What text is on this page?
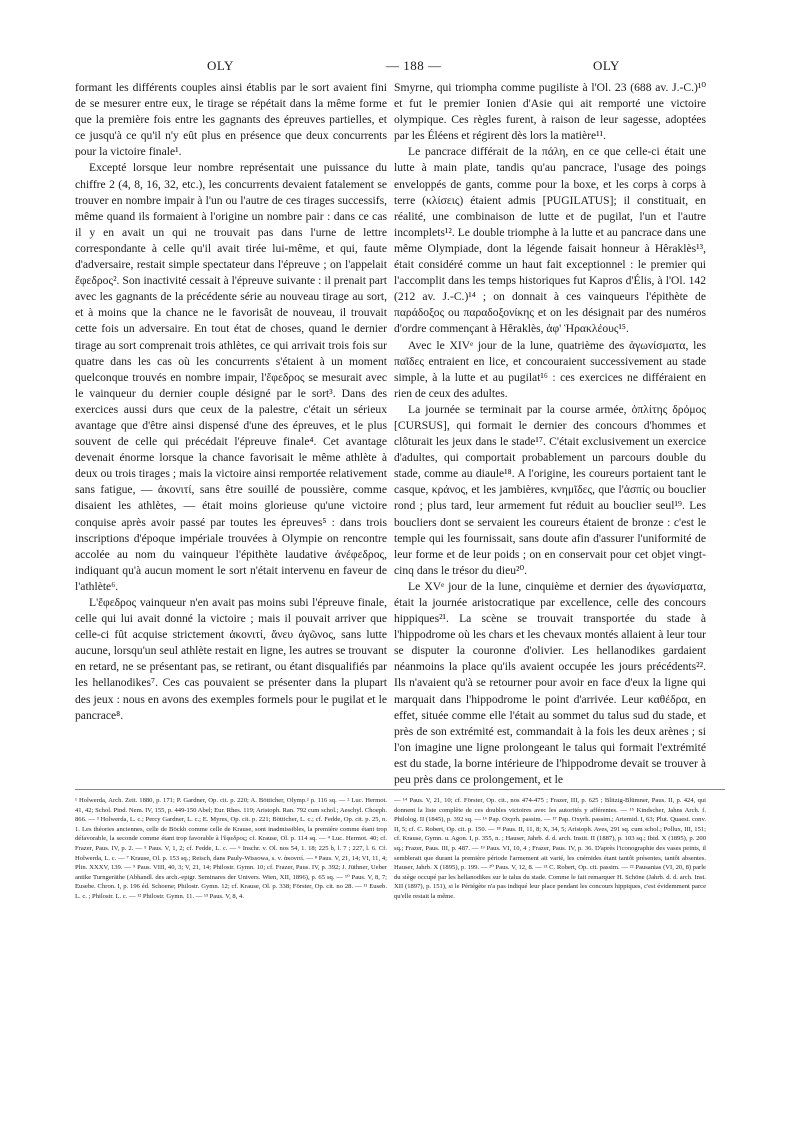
OLY	— 188 —	OLY

formant les différents couples ainsi établis par le sort avaient fini de se mesurer entre eux, le tirage se répétait dans la même forme que la première fois entre les gagnants des épreuves partielles, et ce jusqu'à ce qu'il n'y eût plus en présence que deux concurrents pour la victoire finale¹.

Excepté lorsque leur nombre représentait une puissance du chiffre 2 (4, 8, 16, 32, etc.), les concurrents devaient fatalement se trouver en nombre impair à l'un ou l'autre de ces tirages successifs, même quand ils formaient à l'origine un nombre pair : dans ce cas il y en avait un qui ne trouvait pas dans l'urne de lettre correspondante à celle qu'il avait tirée lui-même, et qui, faute d'adversaire, restait simple spectateur dans l'épreuve ; on l'appelait ἔφεδρος². Son inactivité cessait à l'épreuve suivante : il prenait part avec les gagnants de la précédente série au nouveau tirage au sort, et à moins que la chance ne le favorisât de nouveau, il trouvait cette fois un adversaire. En tout état de choses, quand le dernier tirage au sort comprenait trois athlètes, ce qui arrivait trois fois sur quatre dans les cas où les concurrents s'étaient à un moment quelconque trouvés en nombre impair, l'ἔφεδρος se mesurait avec le vainqueur du dernier couple désigné par le sort³. Dans des exercices aussi durs que ceux de la palestre, c'était un sérieux avantage que d'être ainsi dispensé d'une des épreuves, et le plus souvent de celle qui précédait l'épreuve finale⁴. Cet avantage devenait énorme lorsque la chance favorisait le même athlète à deux ou trois tirages ; mais la victoire ainsi remportée relativement sans fatigue, — ἀκονιτί, sans être souillé de poussière, comme disaient les athlètes, — était moins glorieuse qu'une victoire conquise après avoir passé par toutes les épreuves⁵ : dans trois inscriptions d'époque impériale trouvées à Olympie on rencontre accolée au nom du vainqueur l'épithète laudative ἀνέφεδρος, indiquant qu'à aucun moment le sort n'était intervenu en faveur de l'athlète⁶.

L'ἔφεδρος vainqueur n'en avait pas moins subi l'épreuve finale, celle qui lui avait donné la victoire ; mais il pouvait arriver que celle-ci fût acquise strictement ἀκονιτί, ἄνευ ἀγῶνος, sans lutte aucune, lorsqu'un seul athlète restait en ligne, les autres se trouvant en retard, ne se présentant pas, se retirant, ou étant disqualifiés par les hellanodikes⁷. Ces cas pouvaient se présenter dans la plupart des jeux : nous en avons des exemples formels pour le pugilat et le pancrace⁸.

Smyrne, qui triompha comme pugiliste à l'Ol. 23 (688 av. J.-C.)¹⁰ et fut le premier Ionien d'Asie qui ait remporté une victoire olympique. Ces règles furent, à raison de leur sagesse, adoptées par les Éléens et régirent dès lors la matière¹¹.

Le pancrace différait de la πάλη, en ce que celle-ci était une lutte à main plate, tandis qu'au pancrace, l'usage des poings enveloppés de gants, comme pour la boxe, et les corps à corps à terre (κλίσεις) étaient admis [PUGILATUS]; il constituait, en réalité, une combinaison de lutte et de pugilat, l'un et l'autre incomplets¹². Le double triomphe à la lutte et au pancrace dans une même Olympiade, dont la légende faisait honneur à Hêraklès¹³, était considéré comme un haut fait exceptionnel : le premier qui l'accomplit dans les temps historiques fut Kapros d'Élis, à l'Ol. 142 (212 av. J.-C.)¹⁴ ; on donnait à ces vainqueurs l'épithète de παράδοξος ou παραδοξονίκης et on les désignait par des numéros d'ordre commençant à Hêraklès, ἀφ' Ἡρακλέους¹⁵.

Avec le XIVᵉ jour de la lune, quatrième des ἀγωνίσματα, les παῖδες entraient en lice, et concouraient successivement au stade simple, à la lutte et au pugilat¹⁶ : ces exercices ne différaient en rien de ceux des adultes.

La journée se terminait par la course armée, ὁπλίτης δρόμος [CURSUS], qui formait le dernier des concours d'hommes et clôturait les jeux dans le stade¹⁷. C'était exclusivement un exercice d'adultes, qui comportait probablement un parcours double du stade, comme au diaule¹⁸. A l'origine, les coureurs portaient tant le casque, κράνος, et les jambières, κνημῖδες, que l'ἀσπίς ou bouclier rond ; plus tard, leur armement fut réduit au bouclier seul¹⁹. Les boucliers dont se servaient les coureurs étaient de bronze : c'est le temple qui les fournissait, sans doute afin d'assurer l'uniformité de leur forme et de leur poids ; on en conservait pour cet objet vingt-cinq dans le trésor du dieu²⁰.

Le XVᵉ jour de la lune, cinquième et dernier des ἀγωνίσματα, était la journée aristocratique par excellence, celle des concours hippiques²¹. La scène se trouvait transportée du stade à l'hippodrome où les chars et les chevaux montés allaient à leur tour se disputer la couronne d'olivier. Les hellanodikes gardaient néanmoins la place qu'ils avaient occupée les jours précédents²². Ils n'avaient qu'à se retourner pour avoir en face d'eux la ligne qui marquait dans l'hippodrome le point d'arrivée. Leur καθέδρα, en effet, située comme elle l'était au sommet du talus sud du stade, et près de son extrémité est, commandait à la fois les deux arènes ; si l'on imagine une ligne prolongeant le talus qui formait l'extrémité est du stade, la borne intérieure de l'hippodrome devait se trouver à peu près dans ce prolongement, et le

¹ Holwerda, Arch. Zeit. 1880, p. 171; P. Gardner, Op. cit. p. 220; A. Bötticher, Olymp.² p. 116 sq. — ² Luc. Hermot. 41, 42; Schol. Pind. Nem. IV, 155, p. 449-150 Abel; Eur. Rhes. 119; Aristoph. Ran. 792 cum schol.; Aeschyl. Choeph. 866. — ³ Holwerda, L. c.; Percy Gardner, L. c.; E. Myres, Op. cit. p. 221; Bötticher, L. c.; cf. Fedde, Op. cit. p. 25, n. 1. Les théories anciennes, celle de Böckh comme celle de Krause, sont inadmissibles, la première comme étant trop défavorable, la seconde comme étant trop favorable à l'ἔφεδρος; cf. Krause, Ol. p. 114 sq. — ⁴ Luc. Hermot. 40; cf. Frazer, Paus. IV, p. 2. — ⁵ Paus. V, 1, 2; cf. Fedde, L. c. — ⁶ Inschr. v. Ol. nos 54, 1. 18; 225 b, l. 7 ; 227, l. 6. Cf. Holwerda, L. c. — ⁷ Krause, Ol. p. 153 sq.; Reisch, dans Pauly-Wissowa, s. v. ἀκονιτί. — ⁸ Paus. V, 21, 14; VI, 11, 4; Plin. XXXV, 139. — ⁹ Paus. VIII, 40, 3; V, 21, 14; Philostr. Gymn. 10; cf. Frazer, Paus. IV, p. 392; J. Jüthner, Ueber antike Turngeräthe (Abhandl. des arch.-epigr. Seminares der Univers. Wien, XII, 1896), p. 65 sq. — ¹⁰ Paus. V, 8, 7; Eusebe. Chron. I, p. 196 éd. Schoene; Philostr. Gymn. 12; cf. Krause, Ol. p. 338; Förster, Op. cit. no 28. — ¹¹ Euseb. L. c. ; Philostr. L. c. — ¹² Philostr. Gymn. 11. — ¹³ Paus. V, 8, 4.
— ¹⁴ Paus. V, 21, 10; cf. Förster, Op. cit., nos 474-475 ; Frazer, III, p. 625 ; Blitzig-Blümner, Paus. II, p. 424, qui donnent la liste complète de ces doubles victoires avec les autorités y afférentes. — ¹⁵ Kindscher, Jahns Arch. f. Philolog. II (1845), p. 392 sq. — ¹⁶ Pap. Oxyrh. passim. — ¹⁷ Pap. Oxyrh. passim.; Artemid. I, 63; Plut. Quaest. conv. II, 5; cf. C. Robert, Op. cit. p. 150. — ¹⁸ Paus. II, 11, 8; X, 34, 5; Aristoph. Aves, 291 sq. cum schol.; Pollux, III, 151; cf. Krause, Gymn. u. Agon. I, p. 355, n. ; Hauser, Jahrb. d. d. arch. Instit. II (1887), p. 103 sq.; Ibid. X (1895), p. 200 sq.; Frazer, Paus. III, p. 487. — ¹⁹ Paus. VI, 10, 4 ; Frazer, Paus. IV, p. 36. D'après l'iconographie des vases peints, il semblerait que durant la première période l'armement ait varié, les cnémides étant tantôt présentes, tantôt absentes. Hauser, Jahrb. X (1895), p. 199. — ²⁰ Paus. V, 12, 8. — ²¹ C. Robert, Op. cit. passim. — ²² Pausanias (VI, 20, 8) parle du siège occupé par les hellanodikes sur le talus du stade. Comme le fait remarquer H. Schöne (Jahrb. d. d. arch. Inst. XII (1897), p. 151), si le Périégète n'a pas indiqué leur place pendant les concours hippiques, c'est évidemment parce qu'elle restait la même.
